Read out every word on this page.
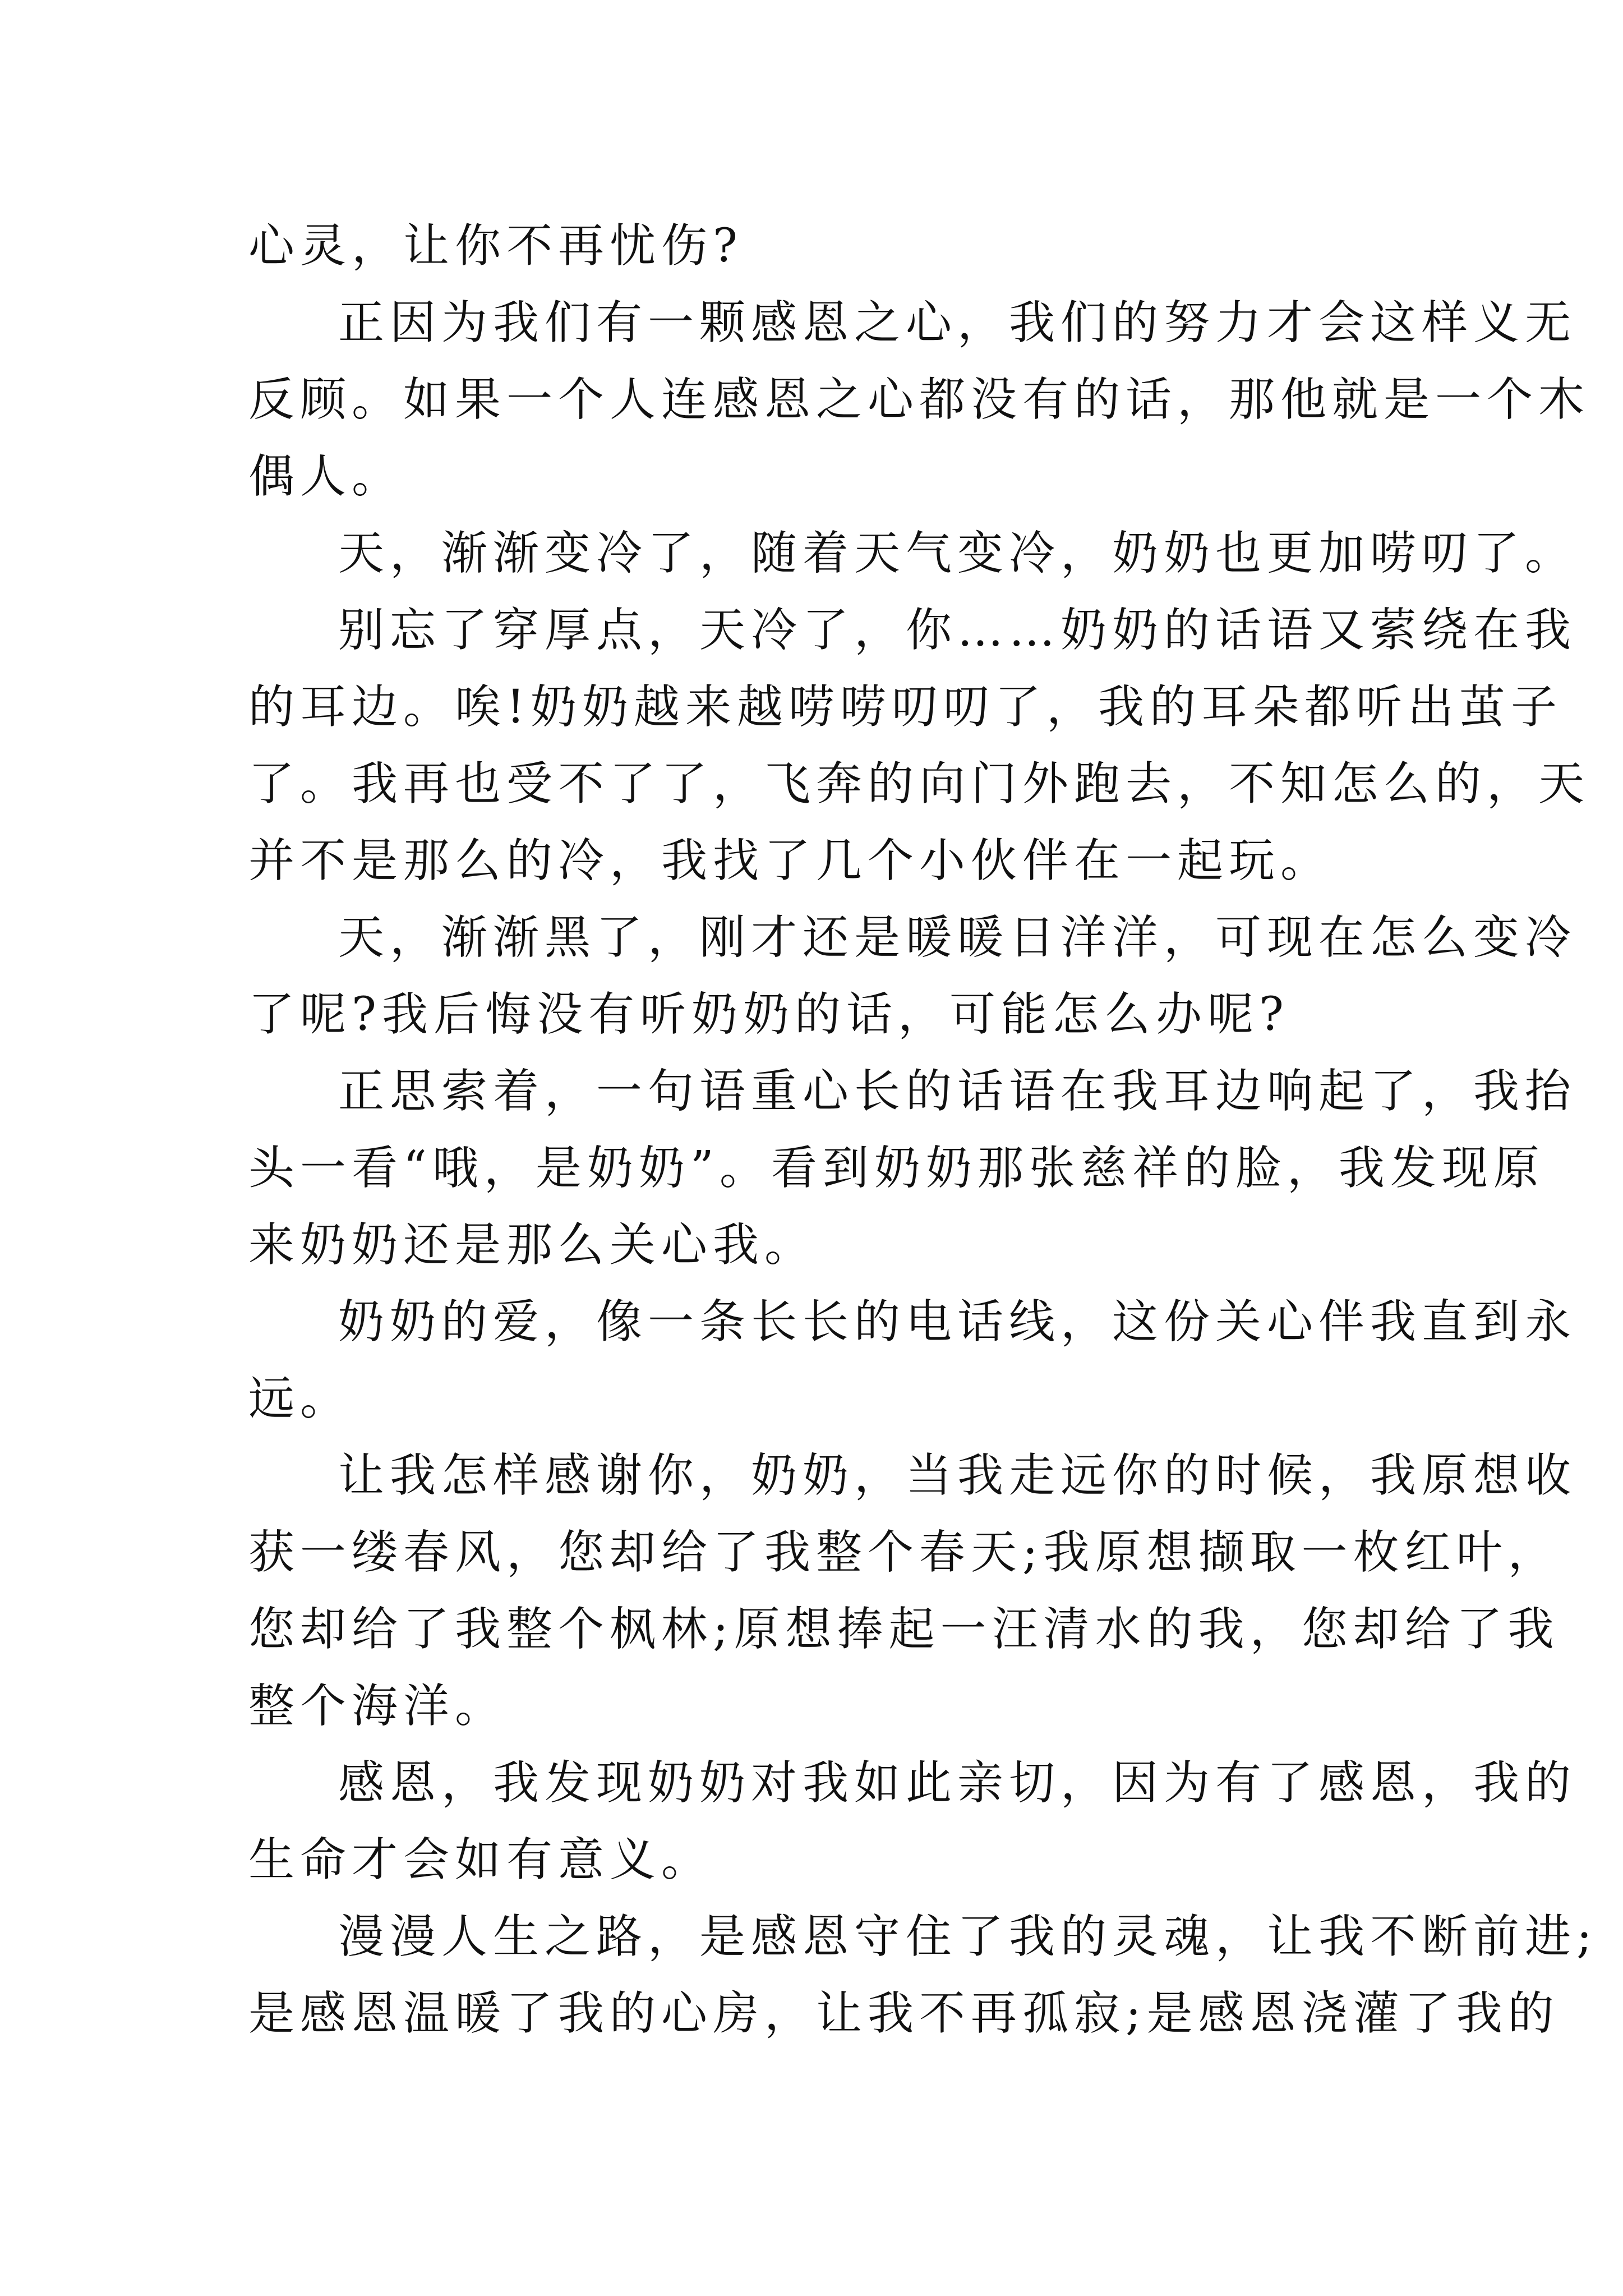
心灵，让你不再忧伤?
正因为我们有一颗感恩之心，我们的努力才会这样义无
反顾。如果一个人连感恩之心都没有的话，那他就是一个木
偶人。
天，渐渐变冷了，随着天气变冷，奶奶也更加唠叨了。
别忘了穿厚点，天冷了，你……奶奶的话语又萦绕在我
的耳边。唉!奶奶越来越唠唠叨叨了，我的耳朵都听出茧子
了。我再也受不了了，飞奔的向门外跑去，不知怎么的，天
并不是那么的冷，我找了几个小伙伴在一起玩。
天，渐渐黑了，刚才还是暖暖日洋洋，可现在怎么变冷
了呢?我后悔没有听奶奶的话，可能怎么办呢?
正思索着，一句语重心长的话语在我耳边响起了，我抬
头一看“哦，是奶奶”。看到奶奶那张慈祥的脸，我发现原
来奶奶还是那么关心我。
奶奶的爱，像一条长长的电话线，这份关心伴我直到永
远。
让我怎样感谢你，奶奶，当我走远你的时候，我原想收
获一缕春风，您却给了我整个春天;我原想撷取一枚红叶，
您却给了我整个枫林;原想捧起一汪清水的我，您却给了我
整个海洋。
感恩，我发现奶奶对我如此亲切，因为有了感恩，我的
生命才会如有意义。
漫漫人生之路，是感恩守住了我的灵魂，让我不断前进;
是感恩温暖了我的心房，让我不再孤寂;是感恩浇灌了我的
